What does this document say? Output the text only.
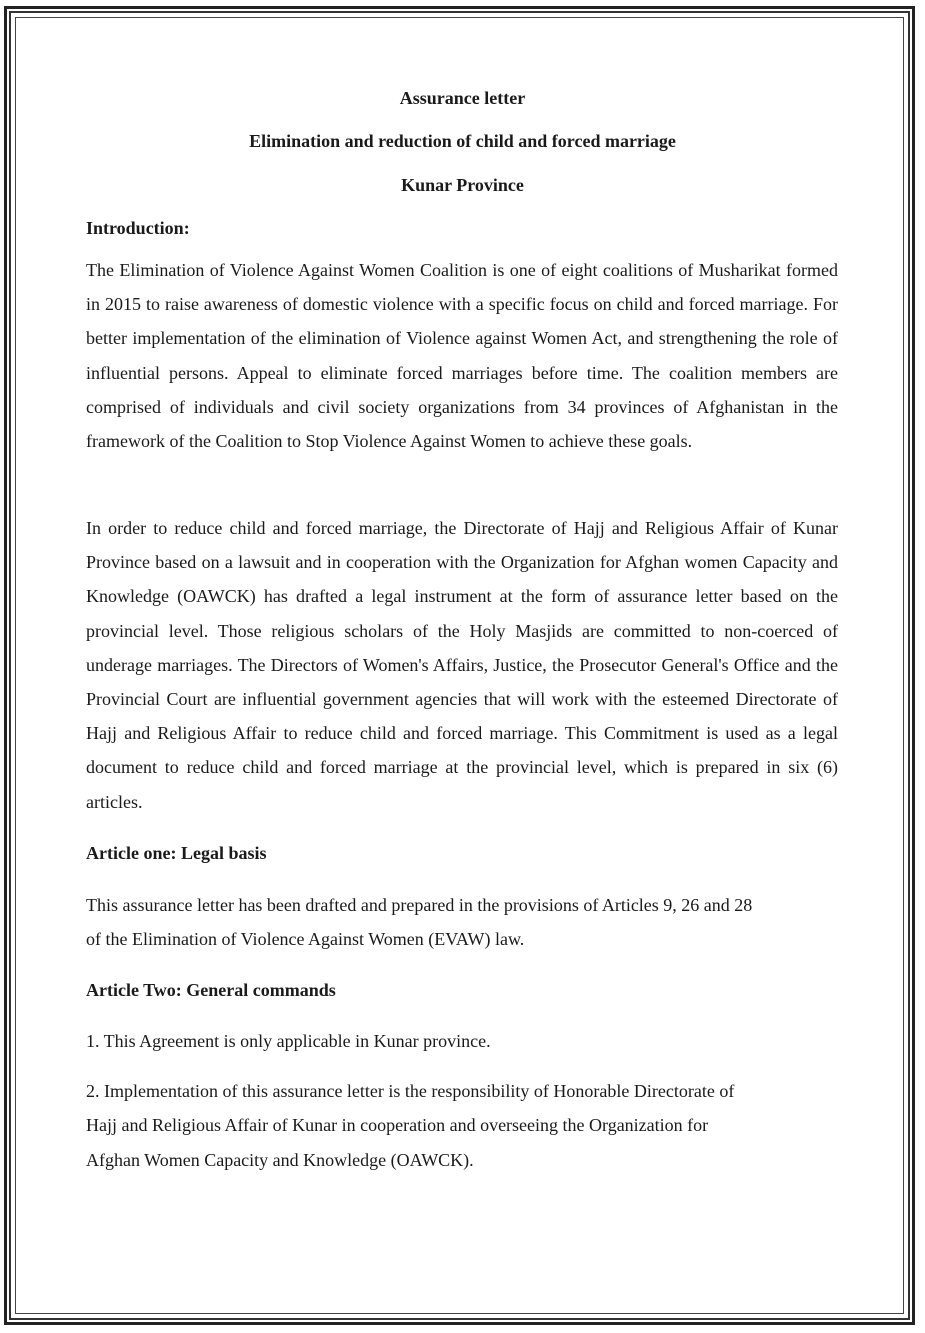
Assurance letter
Elimination and reduction of child and forced marriage
Kunar Province
Introduction:
The Elimination of Violence Against Women Coalition is one of eight coalitions of Musharikat formed in 2015 to raise awareness of domestic violence with a specific focus on child and forced marriage. For better implementation of the elimination of Violence against Women Act, and strengthening the role of influential persons. Appeal to eliminate forced marriages before time. The coalition members are comprised of individuals and civil society organizations from 34 provinces of Afghanistan in the framework of the Coalition to Stop Violence Against Women to achieve these goals.
In order to reduce child and forced marriage, the Directorate of Hajj and Religious Affair of Kunar Province based on a lawsuit and in cooperation with the Organization for Afghan women Capacity and Knowledge (OAWCK) has drafted a legal instrument at the form of assurance letter based on the provincial level. Those religious scholars of the Holy Masjids are committed to non-coerced of underage marriages. The Directors of Women's Affairs, Justice, the Prosecutor General's Office and the Provincial Court are influential government agencies that will work with the esteemed Directorate of Hajj and Religious Affair to reduce child and forced marriage. This Commitment is used as a legal document to reduce child and forced marriage at the provincial level, which is prepared in six (6) articles.
Article one: Legal basis
This assurance letter has been drafted and prepared in the provisions of Articles 9, 26 and 28
of the Elimination of Violence Against Women (EVAW) law.
Article Two: General commands
1. This Agreement is only applicable in Kunar province.
2. Implementation of this assurance letter is the responsibility of Honorable Directorate of
Hajj and Religious Affair of Kunar in cooperation and overseeing the Organization for
Afghan Women Capacity and Knowledge (OAWCK).
